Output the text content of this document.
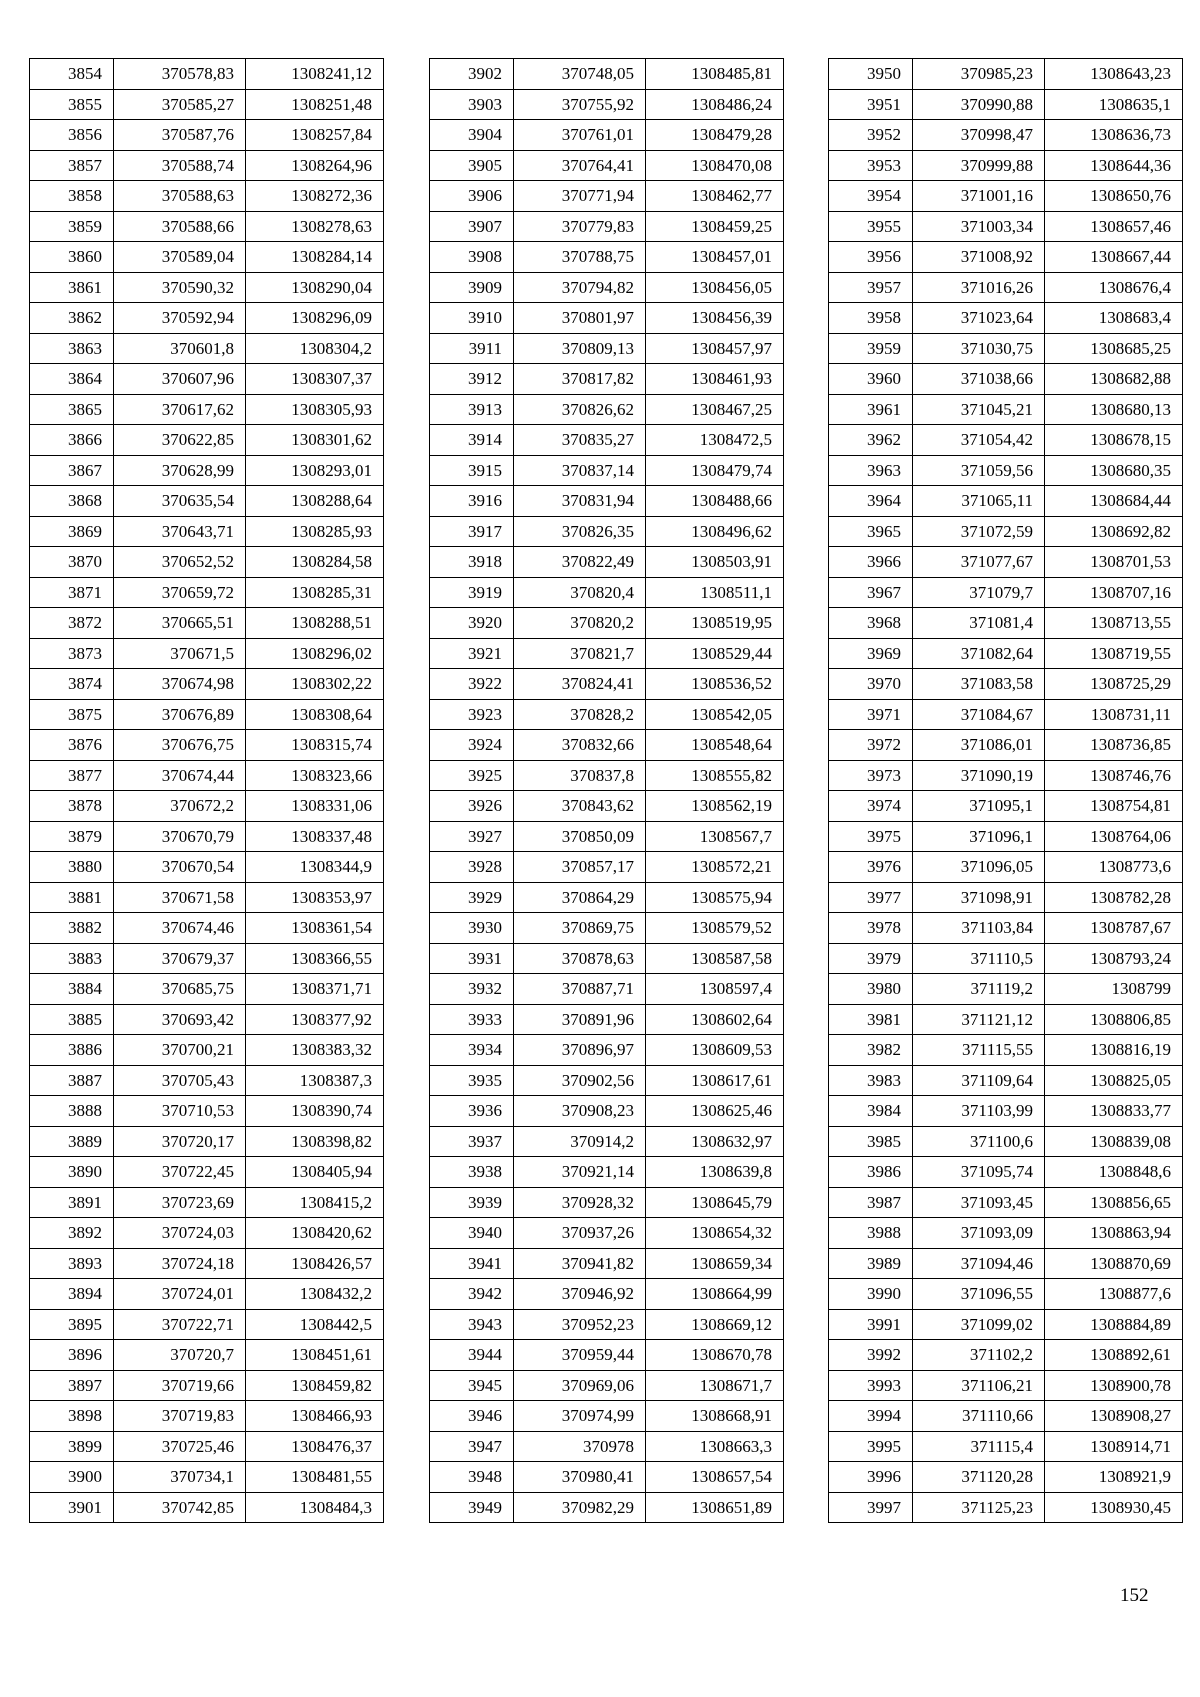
3854	370578,83	1308241,12
3855	370585,27	1308251,48
3856	370587,76	1308257,84
3857	370588,74	1308264,96
3858	370588,63	1308272,36
3859	370588,66	1308278,63
3860	370589,04	1308284,14
3861	370590,32	1308290,04
3862	370592,94	1308296,09
3863	370601,8	1308304,2
3864	370607,96	1308307,37
3865	370617,62	1308305,93
3866	370622,85	1308301,62
3867	370628,99	1308293,01
3868	370635,54	1308288,64
3869	370643,71	1308285,93
3870	370652,52	1308284,58
3871	370659,72	1308285,31
3872	370665,51	1308288,51
3873	370671,5	1308296,02
3874	370674,98	1308302,22
3875	370676,89	1308308,64
3876	370676,75	1308315,74
3877	370674,44	1308323,66
3878	370672,2	1308331,06
3879	370670,79	1308337,48
3880	370670,54	1308344,9
3881	370671,58	1308353,97
3882	370674,46	1308361,54
3883	370679,37	1308366,55
3884	370685,75	1308371,71
3885	370693,42	1308377,92
3886	370700,21	1308383,32
3887	370705,43	1308387,3
3888	370710,53	1308390,74
3889	370720,17	1308398,82
3890	370722,45	1308405,94
3891	370723,69	1308415,2
3892	370724,03	1308420,62
3893	370724,18	1308426,57
3894	370724,01	1308432,2
3895	370722,71	1308442,5
3896	370720,7	1308451,61
3897	370719,66	1308459,82
3898	370719,83	1308466,93
3899	370725,46	1308476,37
3900	370734,1	1308481,55
3901	370742,85	1308484,3
3902	370748,05	1308485,81
3903	370755,92	1308486,24
3904	370761,01	1308479,28
3905	370764,41	1308470,08
3906	370771,94	1308462,77
3907	370779,83	1308459,25
3908	370788,75	1308457,01
3909	370794,82	1308456,05
3910	370801,97	1308456,39
3911	370809,13	1308457,97
3912	370817,82	1308461,93
3913	370826,62	1308467,25
3914	370835,27	1308472,5
3915	370837,14	1308479,74
3916	370831,94	1308488,66
3917	370826,35	1308496,62
3918	370822,49	1308503,91
3919	370820,4	1308511,1
3920	370820,2	1308519,95
3921	370821,7	1308529,44
3922	370824,41	1308536,52
3923	370828,2	1308542,05
3924	370832,66	1308548,64
3925	370837,8	1308555,82
3926	370843,62	1308562,19
3927	370850,09	1308567,7
3928	370857,17	1308572,21
3929	370864,29	1308575,94
3930	370869,75	1308579,52
3931	370878,63	1308587,58
3932	370887,71	1308597,4
3933	370891,96	1308602,64
3934	370896,97	1308609,53
3935	370902,56	1308617,61
3936	370908,23	1308625,46
3937	370914,2	1308632,97
3938	370921,14	1308639,8
3939	370928,32	1308645,79
3940	370937,26	1308654,32
3941	370941,82	1308659,34
3942	370946,92	1308664,99
3943	370952,23	1308669,12
3944	370959,44	1308670,78
3945	370969,06	1308671,7
3946	370974,99	1308668,91
3947	370978	1308663,3
3948	370980,41	1308657,54
3949	370982,29	1308651,89
3950	370985,23	1308643,23
3951	370990,88	1308635,1
3952	370998,47	1308636,73
3953	370999,88	1308644,36
3954	371001,16	1308650,76
3955	371003,34	1308657,46
3956	371008,92	1308667,44
3957	371016,26	1308676,4
3958	371023,64	1308683,4
3959	371030,75	1308685,25
3960	371038,66	1308682,88
3961	371045,21	1308680,13
3962	371054,42	1308678,15
3963	371059,56	1308680,35
3964	371065,11	1308684,44
3965	371072,59	1308692,82
3966	371077,67	1308701,53
3967	371079,7	1308707,16
3968	371081,4	1308713,55
3969	371082,64	1308719,55
3970	371083,58	1308725,29
3971	371084,67	1308731,11
3972	371086,01	1308736,85
3973	371090,19	1308746,76
3974	371095,1	1308754,81
3975	371096,1	1308764,06
3976	371096,05	1308773,6
3977	371098,91	1308782,28
3978	371103,84	1308787,67
3979	371110,5	1308793,24
3980	371119,2	1308799
3981	371121,12	1308806,85
3982	371115,55	1308816,19
3983	371109,64	1308825,05
3984	371103,99	1308833,77
3985	371100,6	1308839,08
3986	371095,74	1308848,6
3987	371093,45	1308856,65
3988	371093,09	1308863,94
3989	371094,46	1308870,69
3990	371096,55	1308877,6
3991	371099,02	1308884,89
3992	371102,2	1308892,61
3993	371106,21	1308900,78
3994	371110,66	1308908,27
3995	371115,4	1308914,71
3996	371120,28	1308921,9
3997	371125,23	1308930,45
152
